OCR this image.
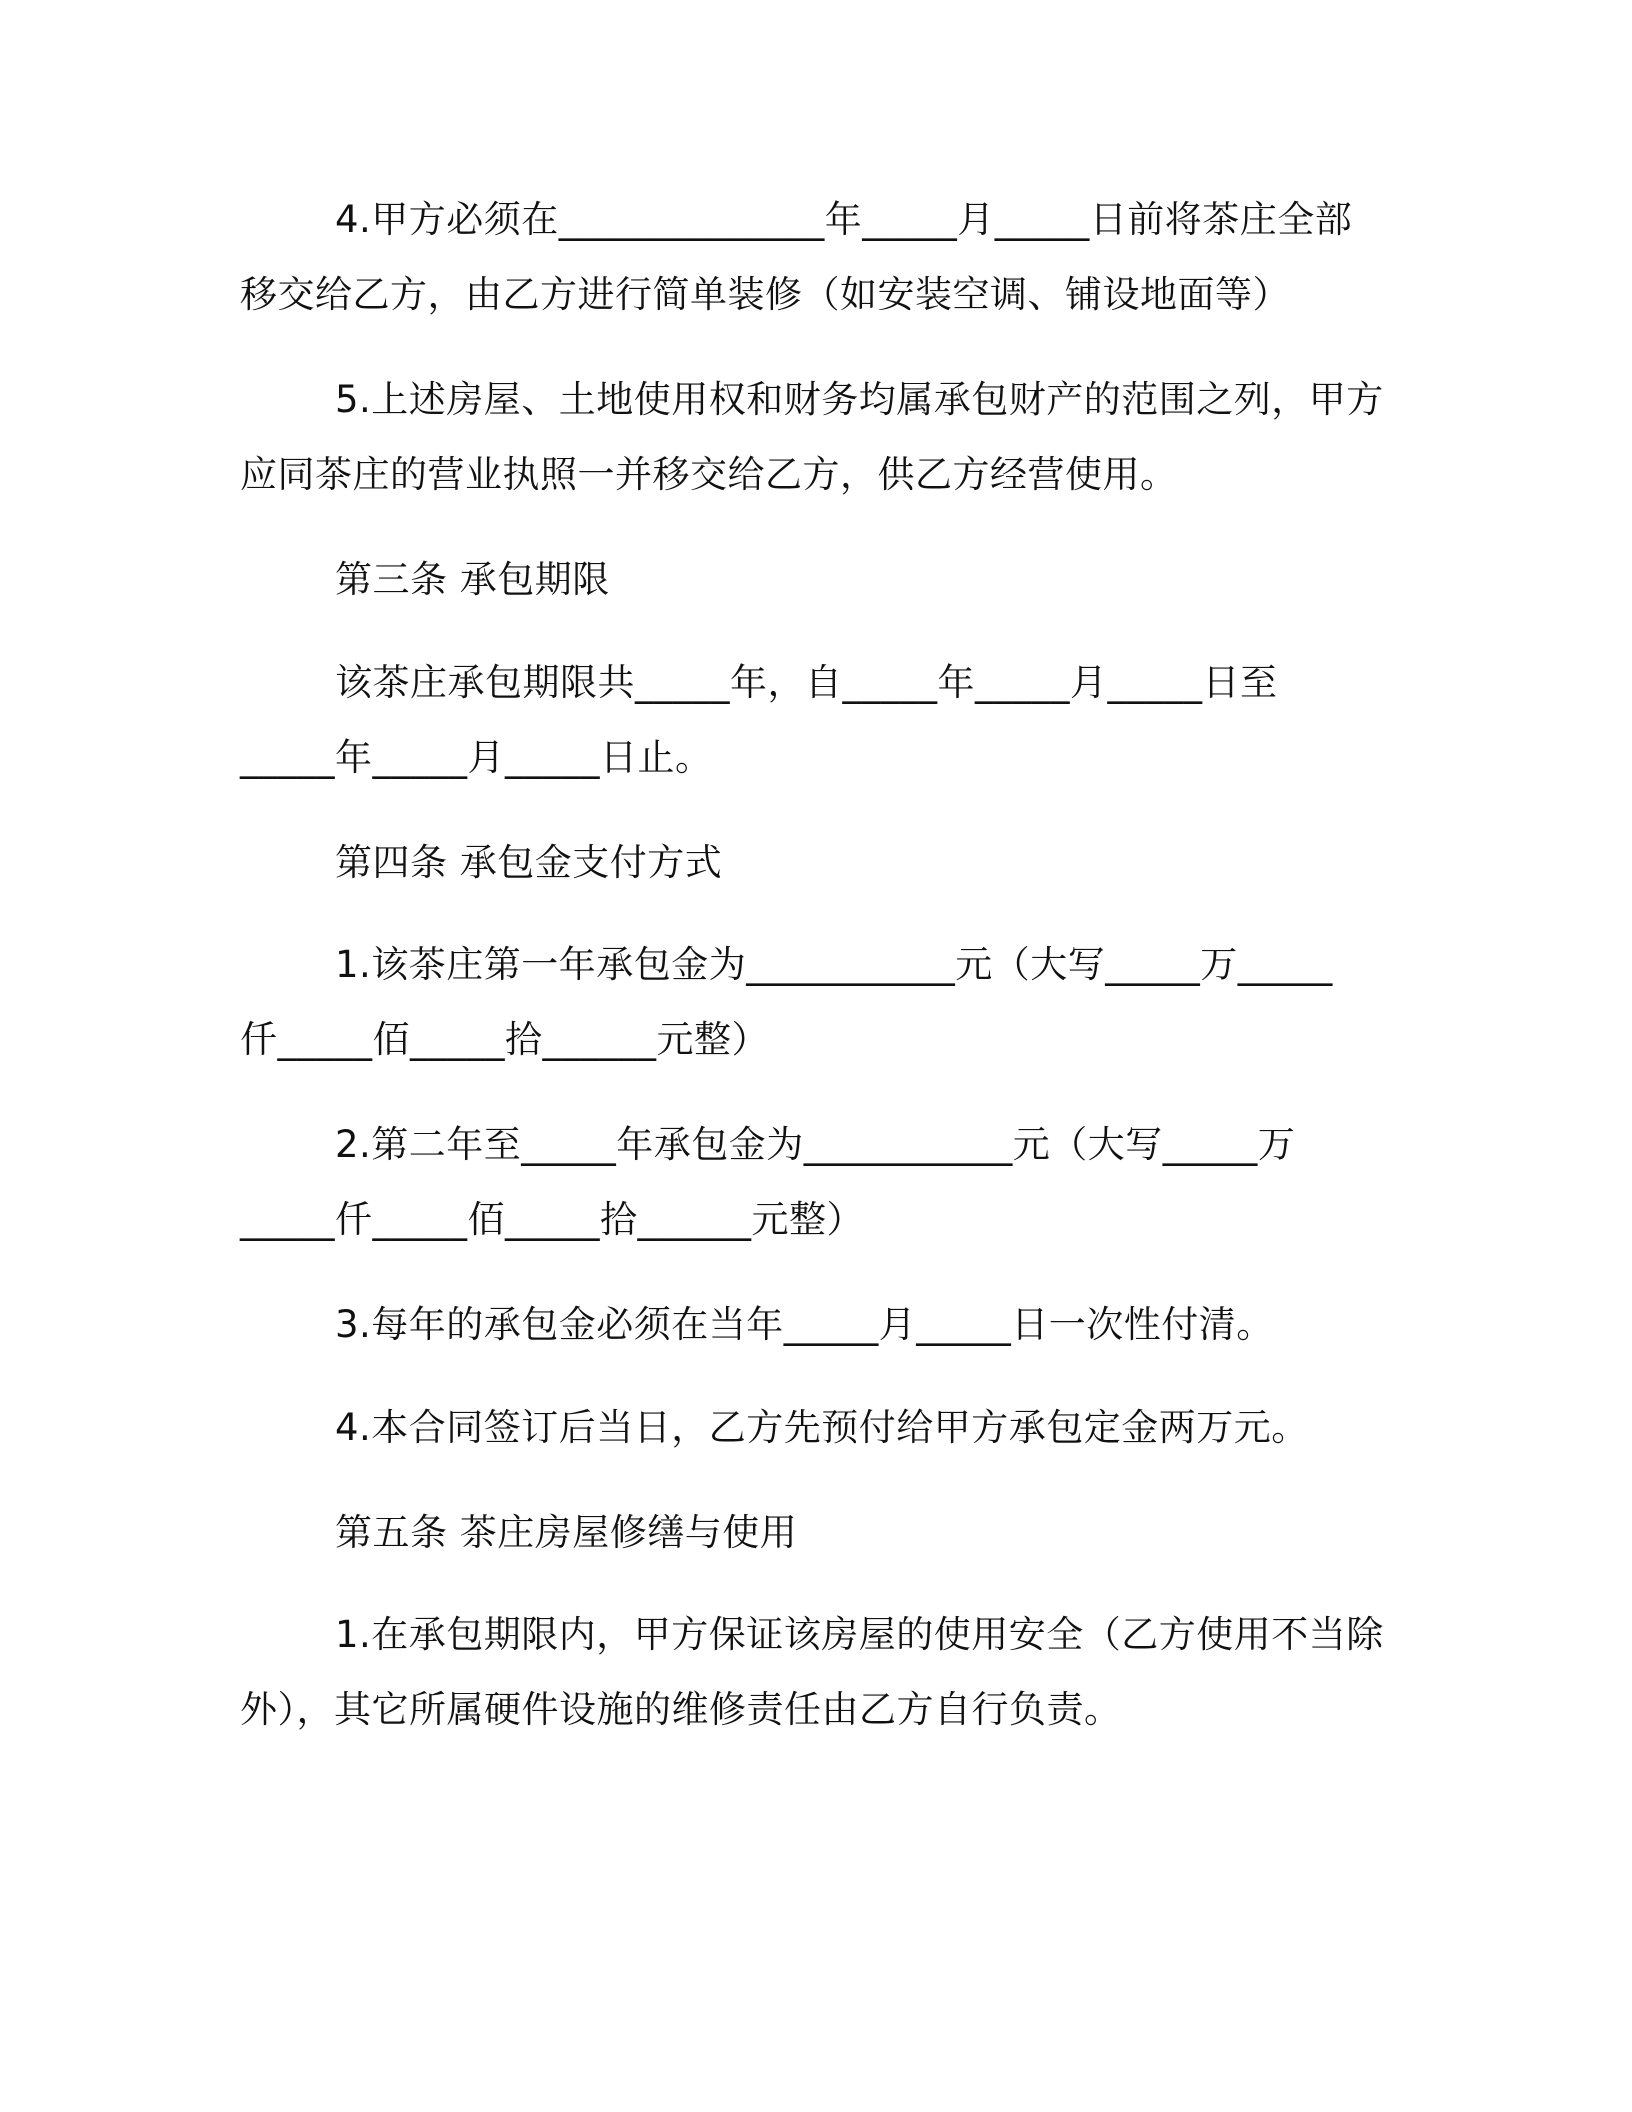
4.甲方必须在______________年_____月_____日前将茶庄全部
移交给乙方，由乙方进行简单装修（如安装空调、铺设地面等）
5.上述房屋、土地使用权和财务均属承包财产的范围之列，甲方
应同茶庄的营业执照一并移交给乙方，供乙方经营使用。
第三条 承包期限
该茶庄承包期限共_____年，自_____年_____月_____日至
_____年_____月_____日止。
第四条 承包金支付方式
1.该茶庄第一年承包金为___________元（大写_____万_____
仟_____佰_____拾______元整）
2.第二年至_____年承包金为___________元（大写_____万
_____仟_____佰_____拾______元整）
3.每年的承包金必须在当年_____月_____日一次性付清。
4.本合同签订后当日，乙方先预付给甲方承包定金两万元。
第五条 茶庄房屋修缮与使用
1.在承包期限内，甲方保证该房屋的使用安全（乙方使用不当除
外），其它所属硬件设施的维修责任由乙方自行负责。
